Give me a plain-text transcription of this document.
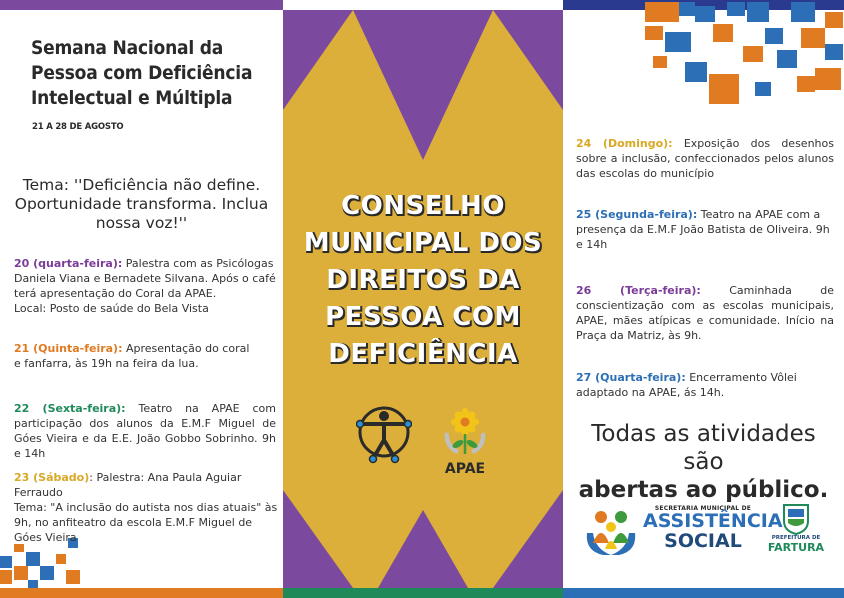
Semana Nacional da Pessoa com Deficiência Intelectual e Múltipla
21 A 28 DE AGOSTO
Tema: ''Deficiência não define. Oportunidade transforma. Inclua nossa voz!''
20 (quarta-feira): Palestra com as Psicólogas Daniela Viana e Bernadete Silvana. Após o café terá apresentação do Coral da APAE.
Local: Posto de saúde do Bela Vista
21 (Quinta-feira): Apresentação do coral e fanfarra, às 19h na feira da lua.
22 (Sexta-feira): Teatro na APAE com participação dos alunos da E.M.F Miguel de Góes Vieira e da E.E. João Gobbo Sobrinho. 9h e 14h
23 (Sábado): Palestra: Ana Paula Aguiar Ferraudo
Tema: "A inclusão do autista nos dias atuais" às 9h, no anfiteatro da escola E.M.F Miguel de Góes Vieira
CONSELHO MUNICIPAL DOS DIREITOS DA PESSOA COM DEFICIÊNCIA
APAE
24 (Domingo): Exposição dos desenhos sobre a inclusão, confeccionados pelos alunos das escolas do município
25 (Segunda-feira): Teatro na APAE com a presença da E.M.F João Batista de Oliveira. 9h e 14h
26 (Terça-feira): Caminhada de conscientização com as escolas municipais, APAE, mães atípicas e comunidade. Início na Praça da Matriz, às 9h.
27 (Quarta-feira): Encerramento Vôlei adaptado na APAE, ás 14h.
Todas as atividades são
abertas ao público.
SECRETARIA MUNICIPAL DE
ASSISTÊNCIA
SOCIAL	PREFEITURA DE
FARTURA
